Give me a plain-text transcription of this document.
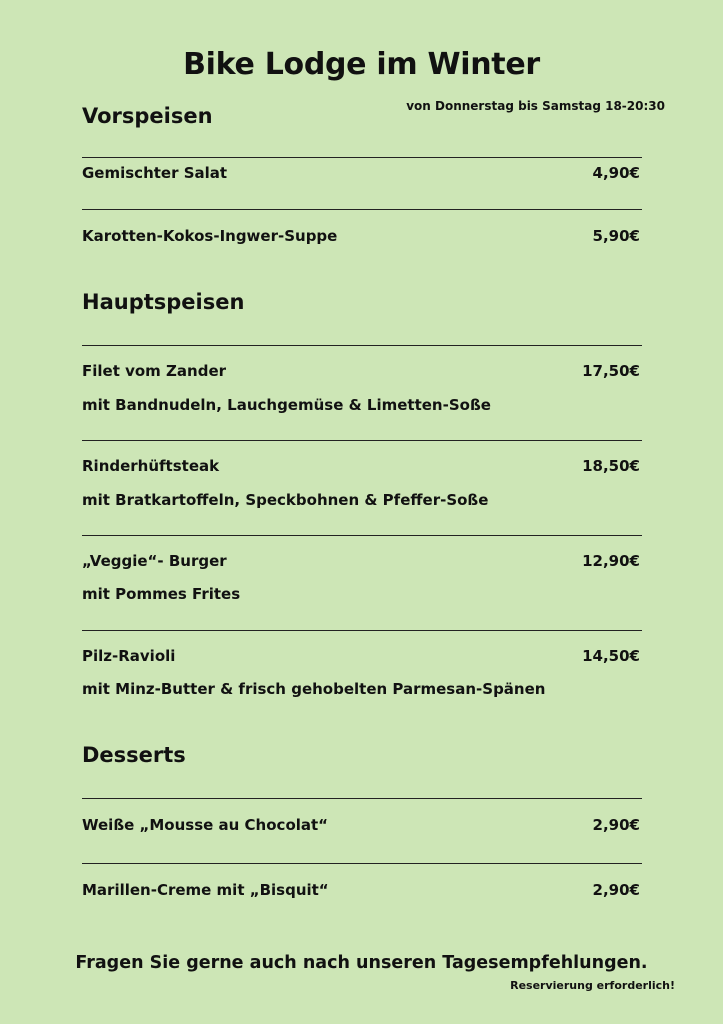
Bike Lodge im Winter
von Donnerstag bis Samstag 18-20:30
Vorspeisen
Gemischter Salat	4,90€
Karotten-Kokos-Ingwer-Suppe	5,90€
Hauptspeisen
Filet vom Zander	17,50€
mit Bandnudeln, Lauchgemüse & Limetten-Soße
Rinderhüftsteak	18,50€
mit Bratkartoffeln, Speckbohnen & Pfeffer-Soße
„Veggie“- Burger	12,90€
mit Pommes Frites
Pilz-Ravioli	14,50€
mit Minz-Butter & frisch gehobelten Parmesan-Spänen
Desserts
Weiße „Mousse au Chocolat“	2,90€
Marillen-Creme mit „Bisquit“	2,90€
Fragen Sie gerne auch nach unseren Tagesempfehlungen.
Reservierung erforderlich!
